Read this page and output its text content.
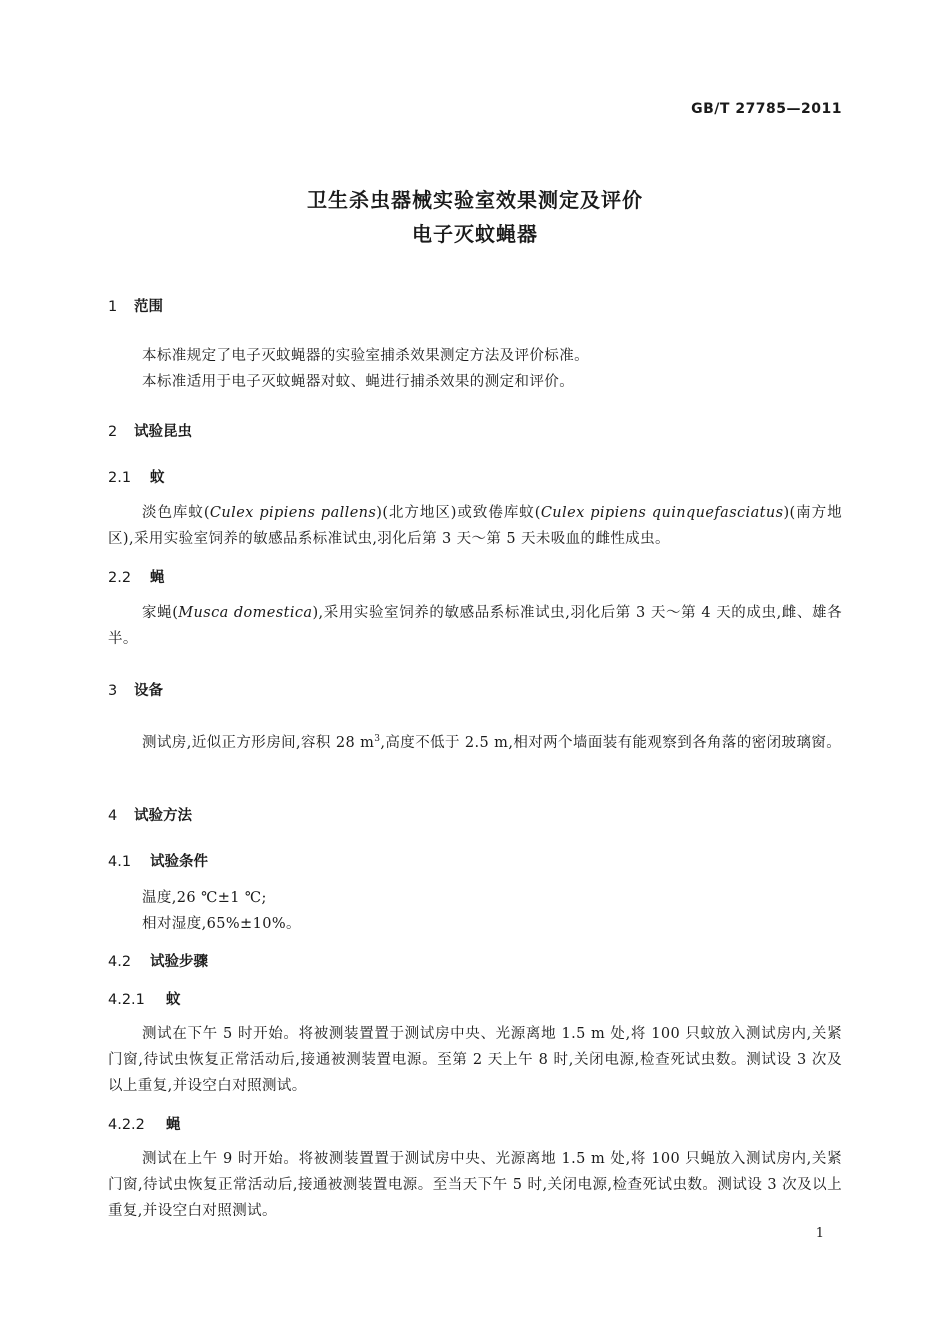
GB/T 27785—2011
卫生杀虫器械实验室效果测定及评价
电子灭蚊蝇器
1 范围
本标准规定了电子灭蚊蝇器的实验室捕杀效果测定方法及评价标准。
本标准适用于电子灭蚊蝇器对蚊、蝇进行捕杀效果的测定和评价。
2 试验昆虫
2.1 蚊
淡色库蚊(Culex pipiens pallens)(北方地区)或致倦库蚊(Culex pipiens quinquefasciatus)(南方地区),采用实验室饲养的敏感品系标准试虫,羽化后第 3 天～第 5 天未吸血的雌性成虫。
2.2 蝇
家蝇(Musca domestica),采用实验室饲养的敏感品系标准试虫,羽化后第 3 天～第 4 天的成虫,雌、雄各半。
3 设备
测试房,近似正方形房间,容积 28 $m^3$,高度不低于 2.5 m,相对两个墙面装有能观察到各角落的密闭玻璃窗。
4 试验方法
4.1 试验条件
温度,26 ℃±1 ℃;
相对湿度,65%±10%。
4.2 试验步骤
4.2.1 蚊
测试在下午 5 时开始。将被测装置置于测试房中央、光源离地 1.5 m 处,将 100 只蚊放入测试房内,关紧门窗,待试虫恢复正常活动后,接通被测装置电源。至第 2 天上午 8 时,关闭电源,检查死试虫数。测试设 3 次及以上重复,并设空白对照测试。
4.2.2 蝇
测试在上午 9 时开始。将被测装置置于测试房中央、光源离地 1.5 m 处,将 100 只蝇放入测试房内,关紧门窗,待试虫恢复正常活动后,接通被测装置电源。至当天下午 5 时,关闭电源,检查死试虫数。测试设 3 次及以上重复,并设空白对照测试。
1
